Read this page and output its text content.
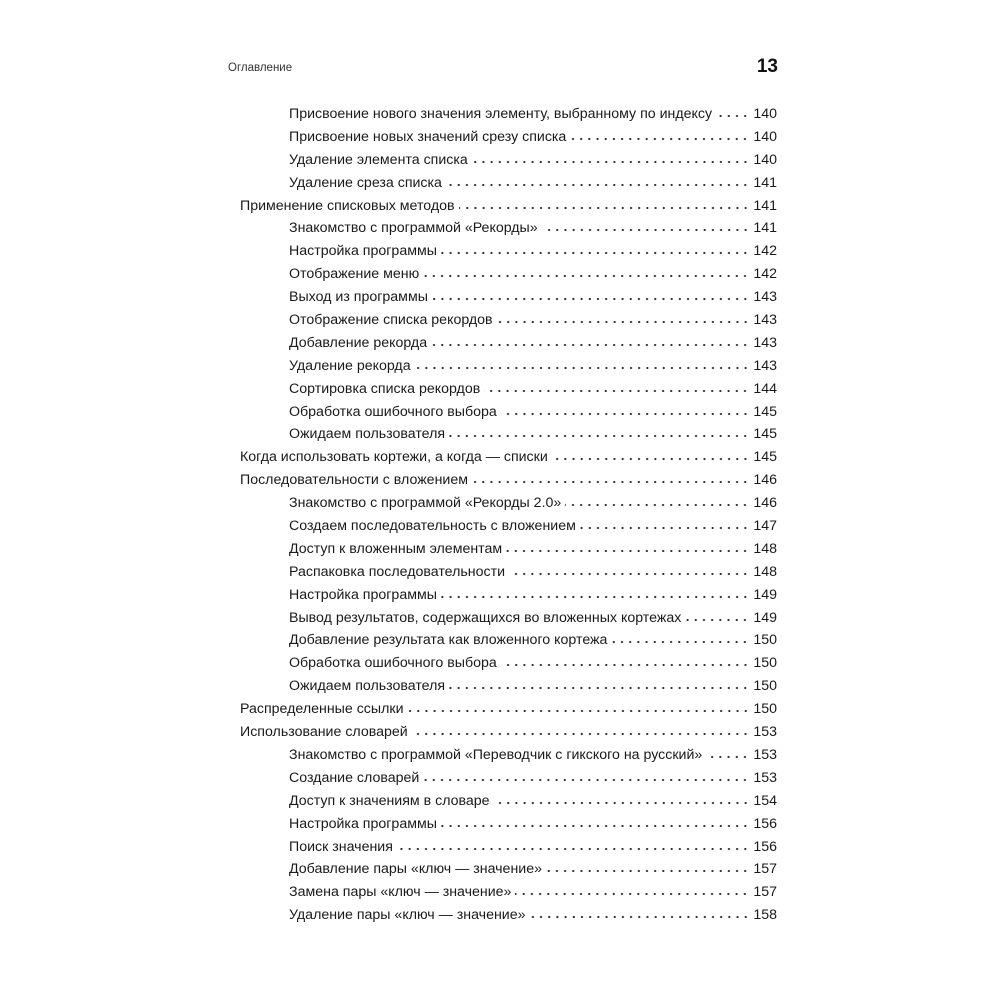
Оглавление	13
Присвоение нового значения элементу, выбранному по индексу	140
Присвоение новых значений срезу списка	140
Удаление элемента списка	140
Удаление среза списка	141
Применение списковых методов	141
Знакомство с программой «Рекорды»	141
Настройка программы	142
Отображение меню	142
Выход из программы	143
Отображение списка рекордов	143
Добавление рекорда	143
Удаление рекорда	143
Сортировка списка рекордов	144
Обработка ошибочного выбора	145
Ожидаем пользователя	145
Когда использовать кортежи, а когда — списки	145
Последовательности с вложением	146
Знакомство с программой «Рекорды 2.0»	146
Создаем последовательность с вложением	147
Доступ к вложенным элементам	148
Распаковка последовательности	148
Настройка программы	149
Вывод результатов, содержащихся во вложенных кортежах	149
Добавление результата как вложенного кортежа	150
Обработка ошибочного выбора	150
Ожидаем пользователя	150
Распределенные ссылки	150
Использование словарей	153
Знакомство с программой «Переводчик с гикского на русский»	153
Создание словарей	153
Доступ к значениям в словаре	154
Настройка программы	156
Поиск значения	156
Добавление пары «ключ — значение»	157
Замена пары «ключ — значение»	157
Удаление пары «ключ — значение»	158
